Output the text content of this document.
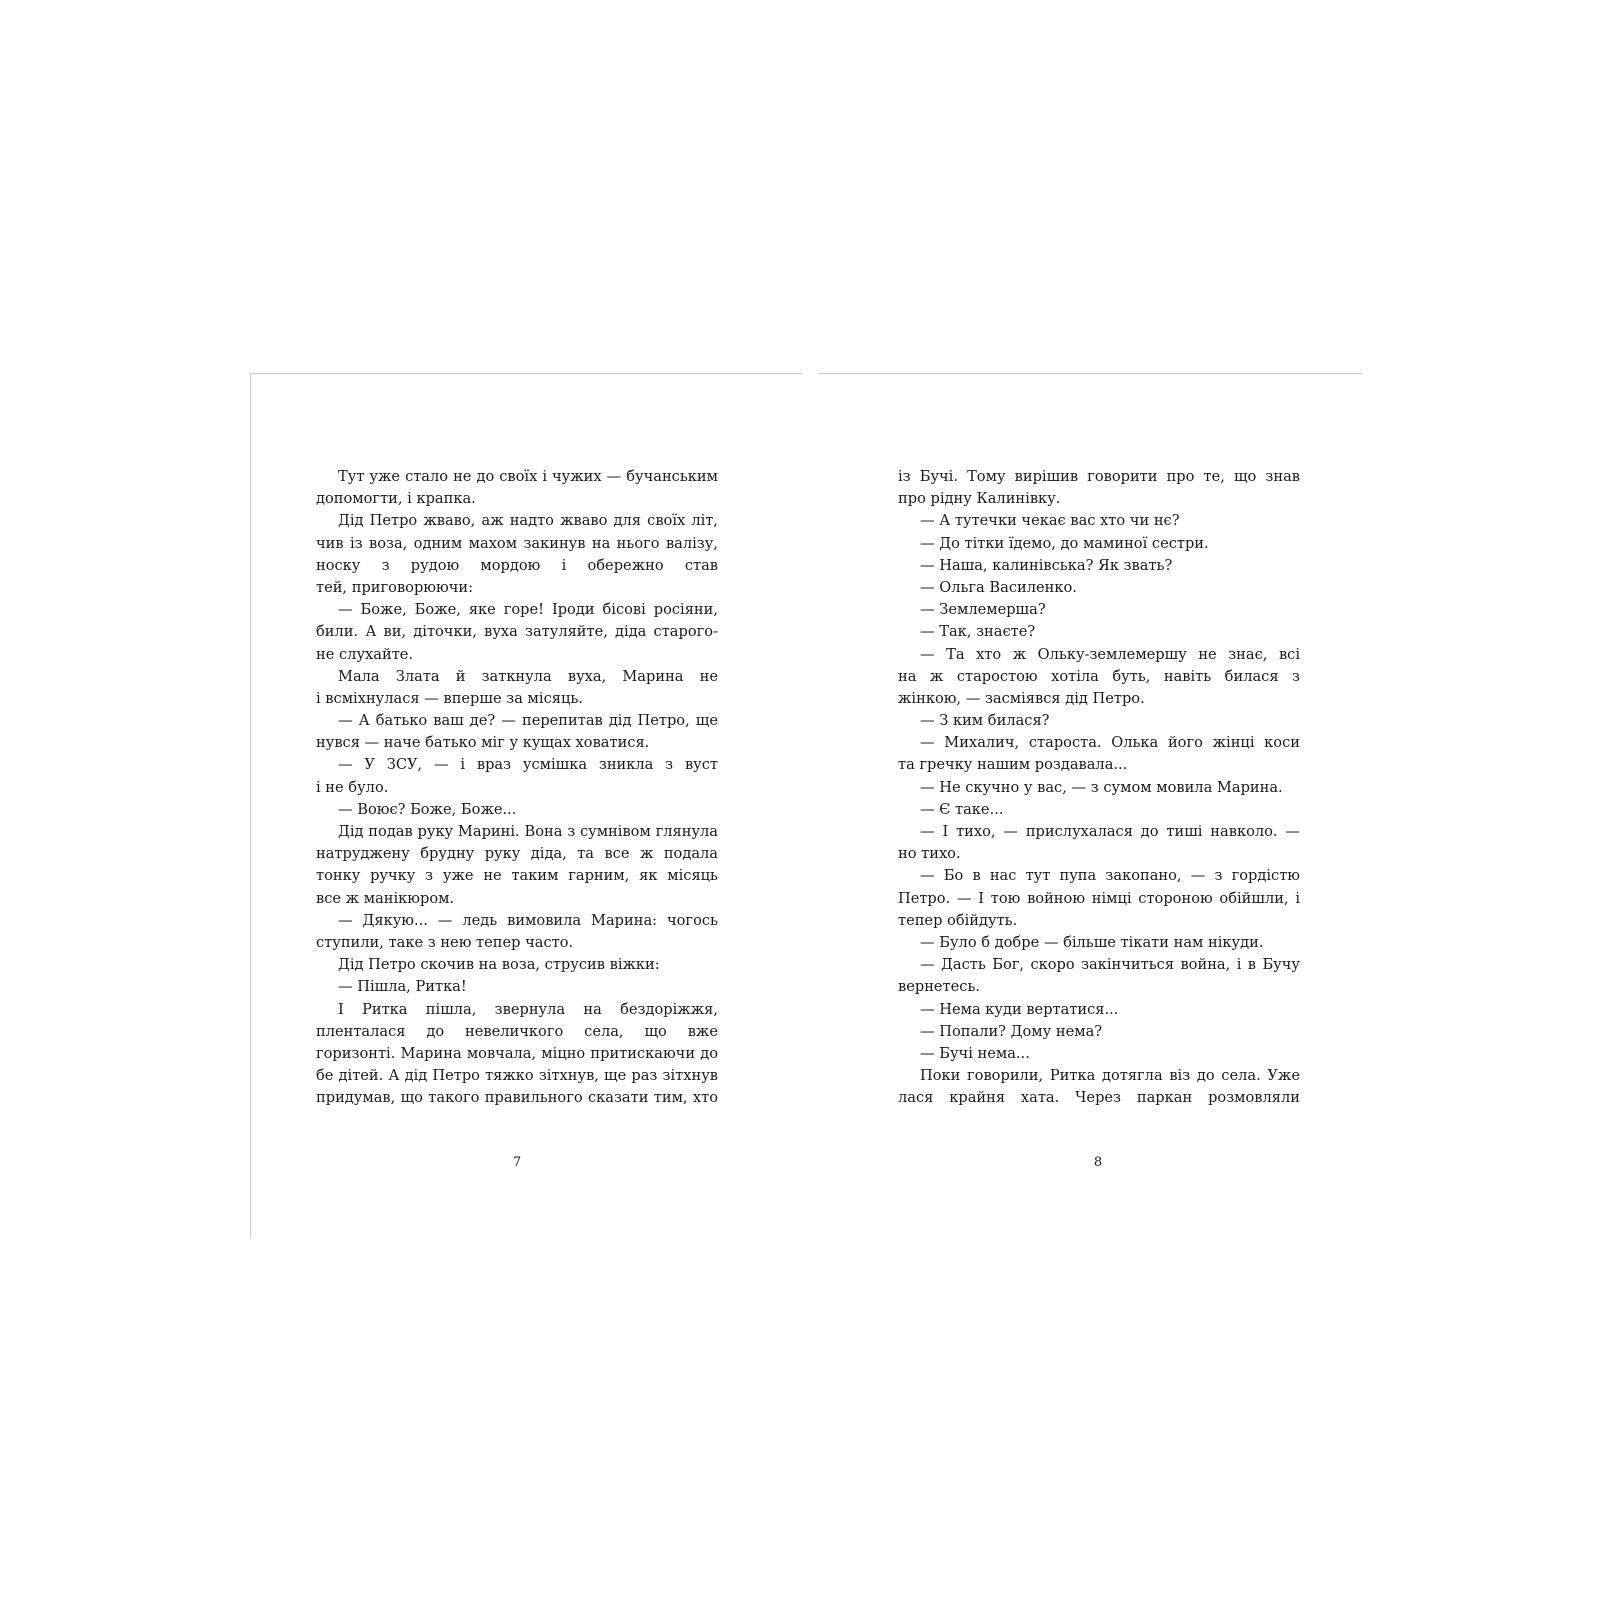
Тут уже стало не до своїх і чужих — бучанським
допомогти, і крапка.
Дід Петро жваво, аж надто жваво для своїх літ,
чив із воза, одним махом закинув на нього валізу,
носку з рудою мордою і обережно став
тей, приговорюючи:
— Боже, Боже, яке горе! Іроди бісові росіяни,
били. А ви, діточки, вуха затуляйте, діда старого-
не слухайте.
Мала Злата й заткнула вуха, Марина не
і всміхнулася — вперше за місяць.
— А батько ваш де? — перепитав дід Петро, ще
нувся — наче батько міг у кущах ховатися.
— У ЗСУ, — і враз усмішка зникла з вуст
і не було.
— Воює? Боже, Боже...
Дід подав руку Марині. Вона з сумнівом глянула
натруджену брудну руку діда, та все ж подала
тонку ручку з уже не таким гарним, як місяць
все ж манікюром.
— Дякую... — ледь вимовила Марина: чогось
ступили, таке з нею тепер часто.
Дід Петро скочив на воза, струсив віжки:
— Пішла, Ритка!
І Ритка пішла, звернула на бездоріжжя,
пленталася до невеличкого села, що вже
горизонті. Марина мовчала, міцно притискаючи до
бе дітей. А дід Петро тяжко зітхнув, ще раз зітхнув
придумав, що такого правильного сказати тим, хто
із Бучі. Тому вирішив говорити про те, що знав
про рідну Калинівку.
— А тутечки чекає вас хто чи нє?
— До тітки їдемо, до маминої сестри.
— Наша, калинівська? Як звать?
— Ольга Василенко.
— Землемерша?
— Так, знаєте?
— Та хто ж Ольку-землемершу не знає, всі
на ж старостою хотіла буть, навіть билася з
жінкою, — засміявся дід Петро.
— З ким билася?
— Михалич, староста. Олька його жінці коси
та гречку нашим роздавала...
— Не скучно у вас, — з сумом мовила Марина.
— Є таке...
— І тихо, — прислухалася до тиші навколо. —
но тихо.
— Бо в нас тут пупа закопано, — з гордістю
Петро. — І тою войною німці стороною обійшли, і
тепер обійдуть.
— Було б добре — більше тікати нам нікуди.
— Дасть Бог, скоро закінчиться война, і в Бучу
вернетесь.
— Нема куди вертатися...
— Попали? Дому нема?
— Бучі нема...
Поки говорили, Ритка дотягла віз до села. Уже
лася крайня хата. Через паркан розмовляли
7	8
